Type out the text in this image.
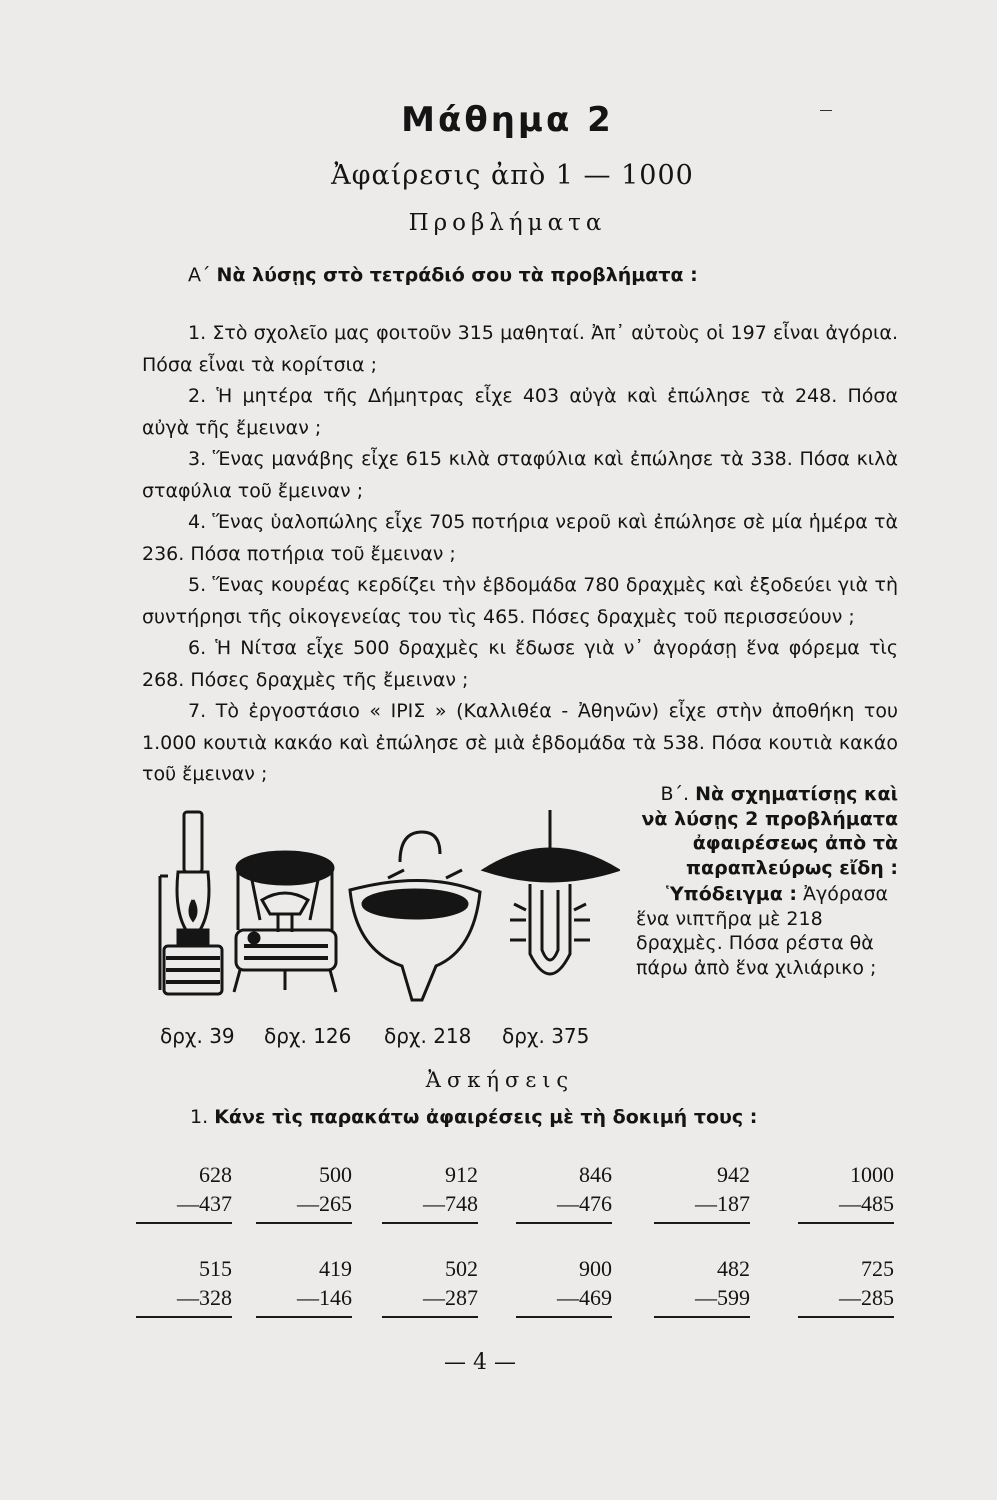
Μάθημα 2
Ἀφαίρεσις ἀπὸ 1 — 1000
Προβλήματα
Α΄ Νὰ λύσῃς στὸ τετράδιό σου τὰ προβλήματα :

1. Στὸ σχολεῖο μας φοιτοῦν 315 μαθηταί. Ἀπ᾽ αὐτοὺς οἱ 197 εἶναι ἀγόρια. Πόσα εἶναι τὰ κορίτσια ;

2. Ἡ μητέρα τῆς Δήμητρας εἶχε 403 αὐγὰ καὶ ἐπώλησε τὰ 248. Πόσα αὐγὰ τῆς ἔμειναν ;

3. Ἕνας μανάβης εἶχε 615 κιλὰ σταφύλια καὶ ἐπώλησε τὰ 338. Πόσα κιλὰ σταφύλια τοῦ ἔμειναν ;

4. Ἕνας ὑαλοπώλης εἶχε 705 ποτήρια νεροῦ καὶ ἐπώλησε σὲ μία ἡμέρα τὰ 236. Πόσα ποτήρια τοῦ ἔμειναν ;

5. Ἕνας κουρέας κερδίζει τὴν ἑβδομάδα 780 δραχμὲς καὶ ἐξοδεύει γιὰ τὴ συντήρησι τῆς οἰκογενείας του τὶς 465. Πόσες δραχμὲς τοῦ περισσεύουν ;

6. Ἡ Νίτσα εἶχε 500 δραχμὲς κι ἔδωσε γιὰ ν᾽ ἀγοράσῃ ἕνα φόρεμα τὶς 268. Πόσες δραχμὲς τῆς ἔμειναν ;

7. Τὸ ἐργοστάσιο « ΙΡΙΣ » (Καλλιθέα - Ἀθηνῶν) εἶχε στὴν ἀποθήκη του 1.000 κουτιὰ κακάο καὶ ἐπώλησε σὲ μιὰ ἑβδομάδα τὰ 538. Πόσα κουτιὰ κακάο τοῦ ἔμειναν ;

δρχ. 39 δρχ. 126 δρχ. 218 δρχ. 375
Β΄. Νὰ σχηματίσῃς καὶ νὰ λύσῃς 2 προβλήματα ἀφαιρέσεως ἀπὸ τὰ παραπλεύρως εἴδη :
Ὑπόδειγμα : Ἀγόρασα ἕνα νιπτῆρα μὲ 218 δραχμὲς. Πόσα ρέστα θὰ πάρω ἀπὸ ἕνα χιλιάρικο ;
Ἀσκήσεις
1. Κάνε τὶς παρακάτω ἀφαιρέσεις μὲ τὴ δοκιμή τους :
628
—437
500
—265
912
—748
846
—476
942
—187
1000
—485
515
—328
419
—146
502
—287
900
—469
482
—599
725
—285
— 4 —
